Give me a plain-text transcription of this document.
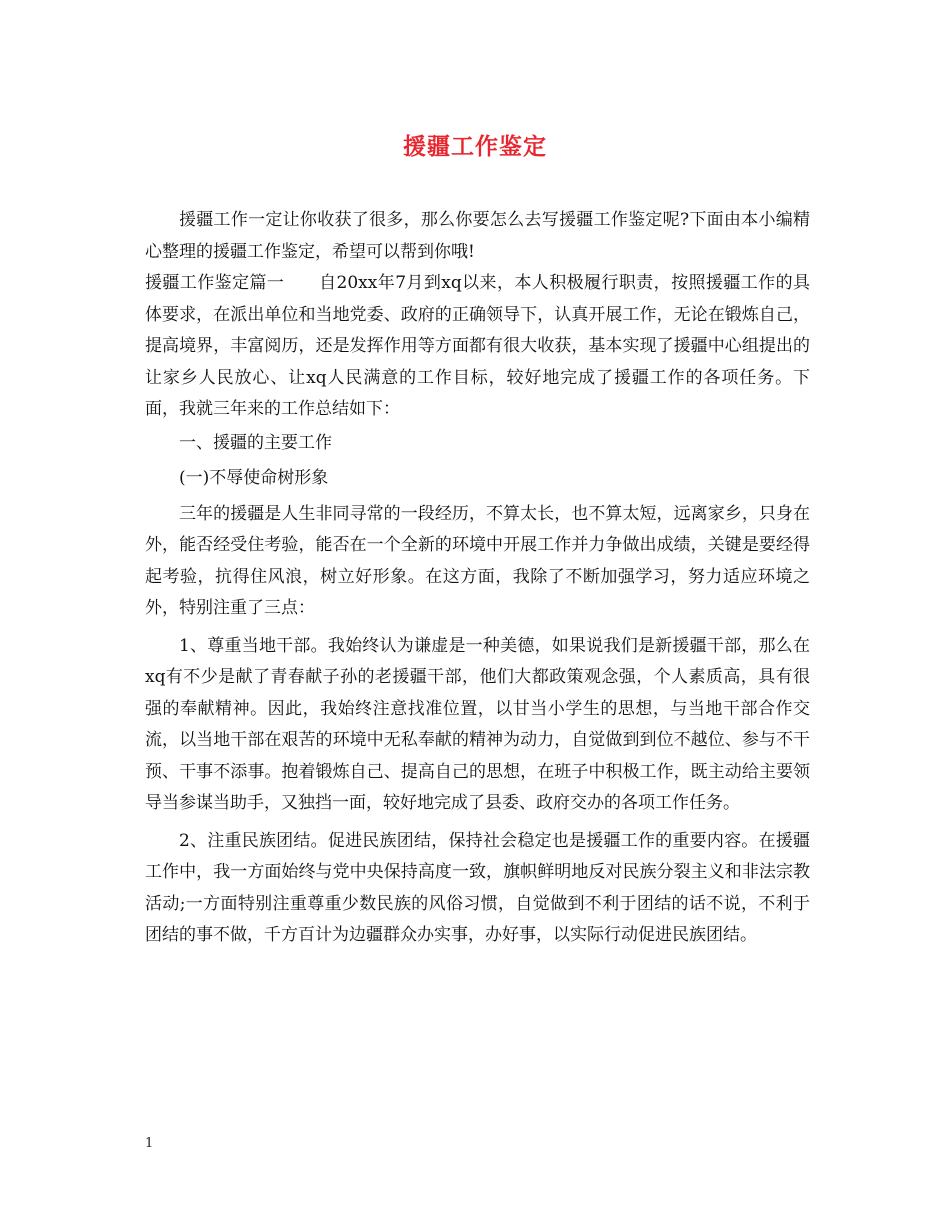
援疆工作鉴定

援疆工作一定让你收获了很多，那么你要怎么去写援疆工作鉴定呢?下面由本小编精心整理的援疆工作鉴定，希望可以帮到你哦!

援疆工作鉴定篇一　　自20xx年7月到xq以来，本人积极履行职责，按照援疆工作的具体要求，在派出单位和当地党委、政府的正确领导下，认真开展工作，无论在锻炼自己，提高境界，丰富阅历，还是发挥作用等方面都有很大收获，基本实现了援疆中心组提出的让家乡人民放心、让xq人民满意的工作目标，较好地完成了援疆工作的各项任务。下面，我就三年来的工作总结如下：

一、援疆的主要工作

(一)不辱使命树形象

三年的援疆是人生非同寻常的一段经历，不算太长，也不算太短，远离家乡，只身在外，能否经受住考验，能否在一个全新的环境中开展工作并力争做出成绩，关键是要经得起考验，抗得住风浪，树立好形象。在这方面，我除了不断加强学习，努力适应环境之外，特别注重了三点：

1、尊重当地干部。我始终认为谦虚是一种美德，如果说我们是新援疆干部，那么在xq有不少是献了青春献子孙的老援疆干部，他们大都政策观念强，个人素质高，具有很强的奉献精神。因此，我始终注意找准位置，以甘当小学生的思想，与当地干部合作交流，以当地干部在艰苦的环境中无私奉献的精神为动力，自觉做到到位不越位、参与不干预、干事不添事。抱着锻炼自己、提高自己的思想，在班子中积极工作，既主动给主要领导当参谋当助手，又独挡一面，较好地完成了县委、政府交办的各项工作任务。

2、注重民族团结。促进民族团结，保持社会稳定也是援疆工作的重要内容。在援疆工作中，我一方面始终与党中央保持高度一致，旗帜鲜明地反对民族分裂主义和非法宗教活动;一方面特别注重尊重少数民族的风俗习惯，自觉做到不利于团结的话不说，不利于团结的事不做，千方百计为边疆群众办实事，办好事，以实际行动促进民族团结。

1
